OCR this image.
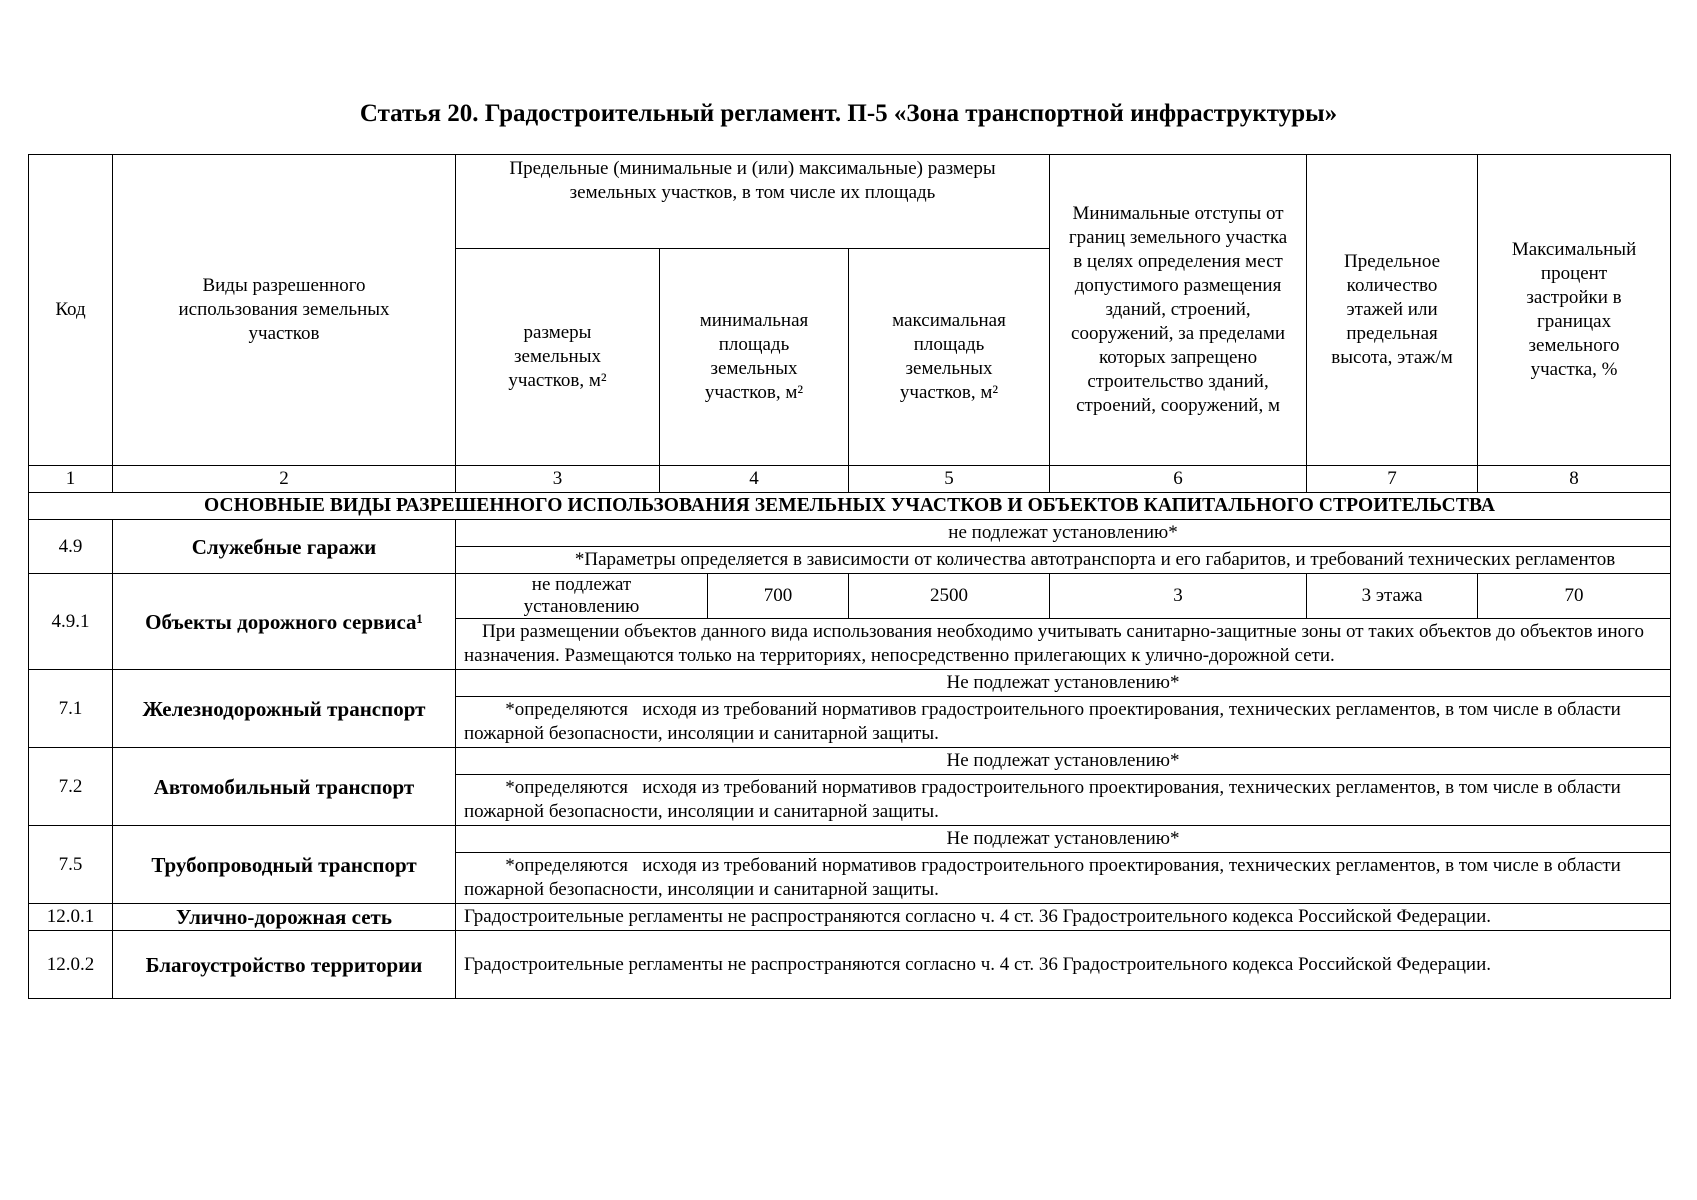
Статья 20. Градостроительный регламент. П-5 «Зона транспортной инфраструктуры»
Код	Виды разрешенного использования земельных участков	Предельные (минимальные и (или) максимальные) размеры земельных участков, в том числе их площадь				Минимальные отступы от границ земельного участка в целях определения мест допустимого размещения зданий, строений, сооружений, за пределами которых запрещено строительство зданий, строений, сооружений, м	Предельное количество этажей или предельная высота, этаж/м	Максимальный процент застройки в границах земельного участка, %
		размеры земельных участков, м²	минимальная площадь земельных участков, м²		максимальная площадь земельных участков, м²			
1	2	3	4		5	6	7	8
ОСНОВНЫЕ ВИДЫ РАЗРЕШЕННОГО ИСПОЛЬЗОВАНИЯ ЗЕМЕЛЬНЫХ УЧАСТКОВ И ОБЪЕКТОВ КАПИТАЛЬНОГО СТРОИТЕЛЬСТВА								
4.9	Служебные гаражи	не подлежат установлению*						
		*Параметры определяется в зависимости от количества автотранспорта и его габаритов, и требований технических регламентов						
4.9.1	Объекты дорожного сервиса¹	не подлежат установлению		700	2500	3	3 этажа	70
		При размещении объектов данного вида использования необходимо учитывать санитарно-защитные зоны от таких объектов до объектов иного назначения. Размещаются только на территориях, непосредственно прилегающих к улично-дорожной сети.						
7.1	Железнодорожный транспорт	Не подлежат установлению*						
		*определяются   исходя из требований нормативов градостроительного проектирования, технических регламентов, в том числе в области пожарной безопасности, инсоляции и санитарной защиты.						
7.2	Автомобильный транспорт	Не подлежат установлению*						
		*определяются   исходя из требований нормативов градостроительного проектирования, технических регламентов, в том числе в области пожарной безопасности, инсоляции и санитарной защиты.						
7.5	Трубопроводный транспорт	Не подлежат установлению*						
		*определяются   исходя из требований нормативов градостроительного проектирования, технических регламентов, в том числе в области пожарной безопасности, инсоляции и санитарной защиты.						
12.0.1	Улично-дорожная сеть	Градостроительные регламенты не распространяются согласно ч. 4 ст. 36 Градостроительного кодекса Российской Федерации.						
12.0.2	Благоустройство территории	Градостроительные регламенты не распространяются согласно ч. 4 ст. 36 Градостроительного кодекса Российской Федерации.						
